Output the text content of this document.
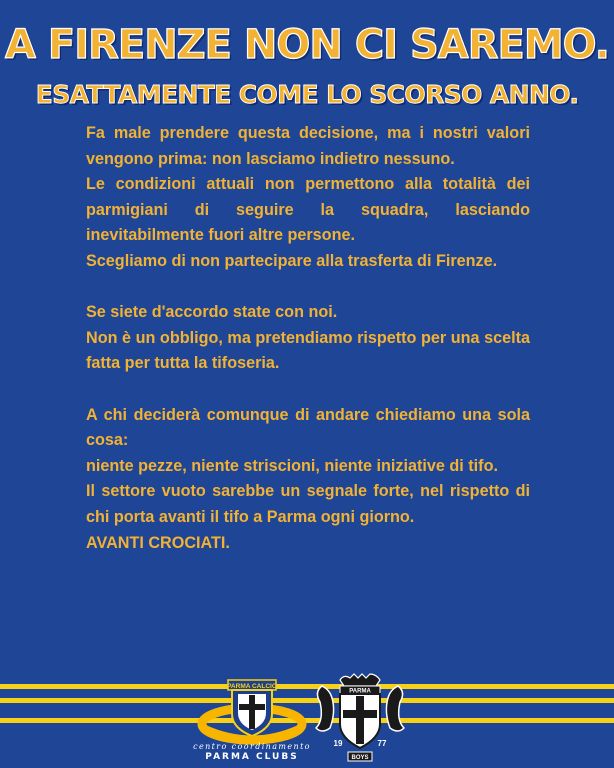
A FIRENZE NON CI SAREMO.
ESATTAMENTE COME LO SCORSO ANNO.

Fa male prendere questa decisione, ma i nostri valori vengono prima: non lasciamo indietro nessuno.

Le condizioni attuali non permettono alla totalità dei parmigiani di seguire la squadra, lasciando inevitabilmente fuori altre persone.

Scegliamo di non partecipare alla trasferta di Firenze.

Se siete d'accordo state con noi.

Non è un obbligo, ma pretendiamo rispetto per una scelta fatta per tutta la tifoseria.

A chi deciderà comunque di andare chiediamo una sola cosa:

niente pezze, niente striscioni, niente iniziative di tifo.

Il settore vuoto sarebbe un segnale forte, nel rispetto di chi porta avanti il tifo a Parma ogni giorno.

AVANTI CROCIATI.

PARMA CALCIO
centro coordinamento
PARMA CLUBS
PARMA
19	77
BOYS
